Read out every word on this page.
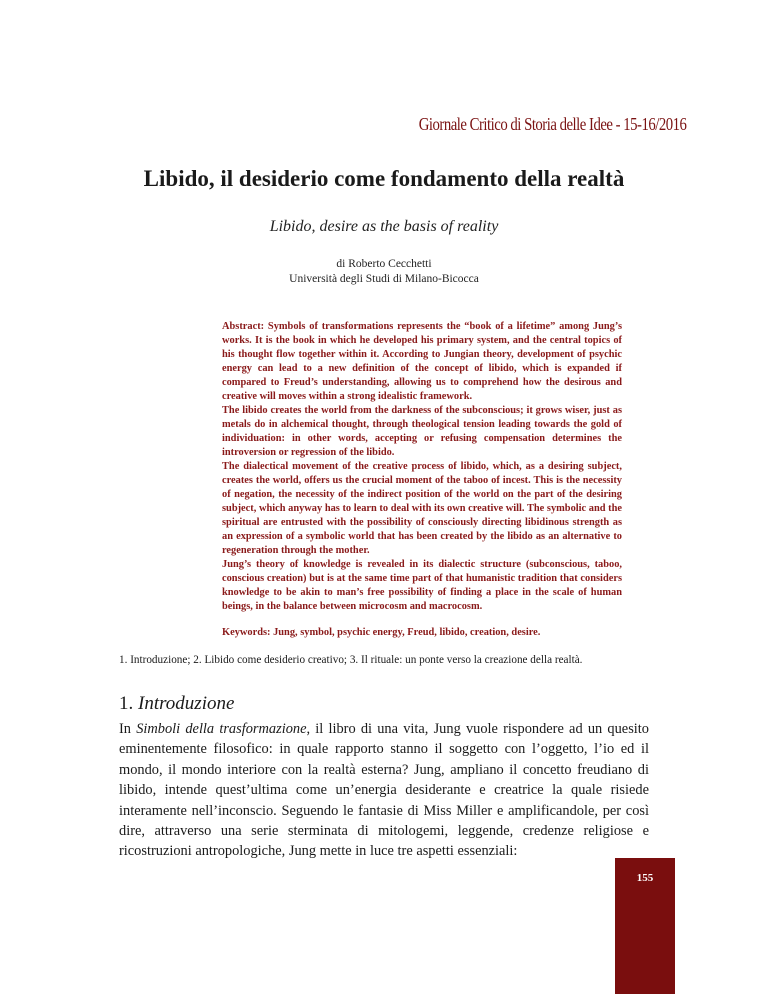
Giornale Critico di Storia delle Idee - 15-16/2016
Libido, il desiderio come fondamento della realtà
Libido, desire as the basis of reality
di Roberto Cecchetti
Università degli Studi di Milano-Bicocca

Abstract: Symbols of transformations represents the “book of a lifetime” among Jung’s works. It is the book in which he developed his primary system, and the central topics of his thought flow together within it. According to Jungian theory, development of psychic energy can lead to a new definition of the concept of libido, which is expanded if compared to Freud’s understanding, allowing us to comprehend how the desirous and creative will moves within a strong idealistic framework.

The libido creates the world from the darkness of the subconscious; it grows wiser, just as metals do in alchemical thought, through theological tension leading towards the gold of individuation: in other words, accepting or refusing compensation determines the introversion or regression of the libido.

The dialectical movement of the creative process of libido, which, as a desiring subject, creates the world, offers us the crucial moment of the taboo of incest. This is the necessity of negation, the necessity of the indirect position of the world on the part of the desiring subject, which anyway has to learn to deal with its own creative will. The symbolic and the spiritual are entrusted with the possibility of consciously directing libidinous strength as an expression of a symbolic world that has been created by the libido as an alternative to regeneration through the mother.

Jung’s theory of knowledge is revealed in its dialectic structure (subconscious, taboo, conscious creation) but is at the same time part of that humanistic tradition that considers knowledge to be akin to man’s free possibility of finding a place in the scale of human beings, in the balance between microcosm and macrocosm.

Keywords: Jung, symbol, psychic energy, Freud, libido, creation, desire.
1. Introduzione; 2. Libido come desiderio creativo; 3. Il rituale: un ponte verso la creazione della realtà.
1. Introduzione

In Simboli della trasformazione, il libro di una vita, Jung vuole rispondere ad un quesito eminentemente filosofico: in quale rapporto stanno il soggetto con l’oggetto, l’io ed il mondo, il mondo interiore con la realtà esterna? Jung, ampliano il concetto freudiano di libido, intende quest’ultima come un’energia desiderante e creatrice la quale risiede interamente nell’inconscio. Seguendo le fantasie di Miss Miller e amplificandole, per così dire, attraverso una serie sterminata di mitologemi, leggende, credenze religiose e ricostruzioni antropologiche, Jung mette in luce tre aspetti essenziali:

155
